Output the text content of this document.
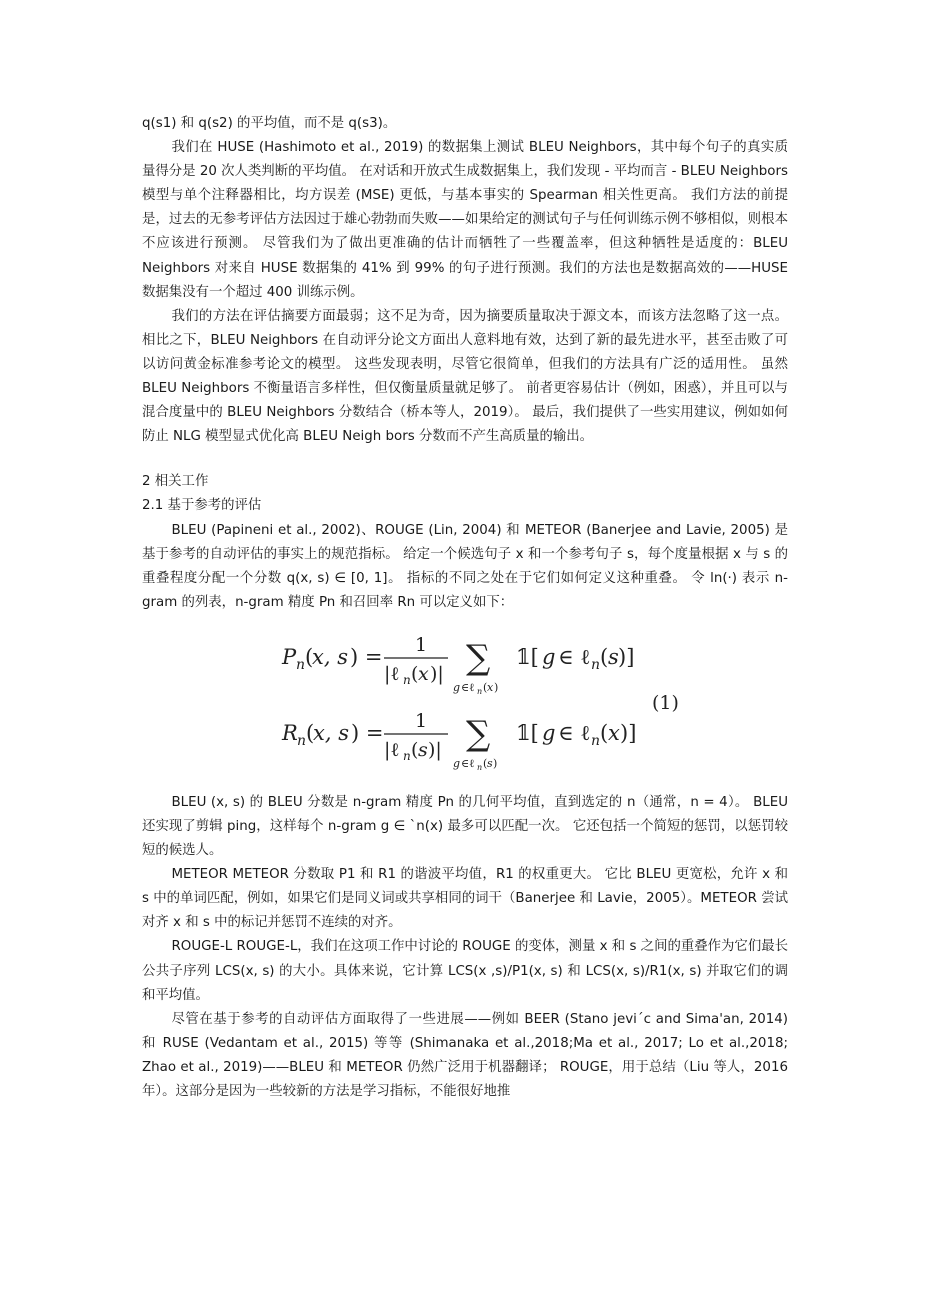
q(s1) 和 q(s2) 的平均值，而不是 q(s3)。

我们在 HUSE (Hashimoto et al., 2019) 的数据集上测试 BLEU Neighbors，其中每个句子的真实质量得分是 20 次人类判断的平均值。 在对话和开放式生成数据集上，我们发现 - 平均而言 - BLEU Neighbors 模型与单个注释器相比，均方误差 (MSE) 更低，与基本事实的 Spearman 相关性更高。 我们方法的前提是，过去的无参考评估方法因过于雄心勃勃而失败——如果给定的测试句子与任何训练示例不够相似，则根本不应该进行预测。 尽管我们为了做出更准确的估计而牺牲了一些覆盖率，但这种牺牲是适度的：BLEU Neighbors 对来自 HUSE 数据集的 41% 到 99% 的句子进行预测。我们的方法也是数据高效的——HUSE 数据集没有一个超过 400 训练示例。

我们的方法在评估摘要方面最弱；这不足为奇，因为摘要质量取决于源文本，而该方法忽略了这一点。 相比之下，BLEU Neighbors 在自动评分论文方面出人意料地有效，达到了新的最先进水平，甚至击败了可以访问黄金标准参考论文的模型。 这些发现表明，尽管它很简单，但我们的方法具有广泛的适用性。 虽然 BLEU Neighbors 不衡量语言多样性，但仅衡量质量就足够了。 前者更容易估计（例如，困惑），并且可以与混合度量中的 BLEU Neighbors 分数结合（桥本等人，2019）。 最后，我们提供了一些实用建议，例如如何防止 NLG 模型显式优化高 BLEU Neigh bors 分数而不产生高质量的输出。

2 相关工作
2.1 基于参考的评估

BLEU (Papineni et al., 2002)、ROUGE (Lin, 2004) 和 METEOR (Banerjee and Lavie, 2005) 是基于参考的自动评估的事实上的规范指标。 给定一个候选句子 x 和一个参考句子 s，每个度量根据 x 与 s 的重叠程度分配一个分数 q(x, s) ∈ [0, 1]。 指标的不同之处在于它们如何定义这种重叠。 令 ln(·) 表示 n-gram 的列表，n-gram 精度 Pn 和召回率 Rn 可以定义如下：

P n (
x, s ) = 1
|ℓ n ( x )| ∑
g ∈ℓ n ( x )
𝟙[ g ∈ ℓ n ( s )]
(1)
R n (
x, s ) = 1
|ℓ n ( s )| ∑
g ∈ℓ n ( s )
𝟙[ g ∈ ℓ n ( x )]

BLEU (x, s) 的 BLEU 分数是 n-gram 精度 Pn 的几何平均值，直到选定的 n（通常，n = 4）。 BLEU 还实现了剪辑 ping，这样每个 n-gram g ∈ `n(x) 最多可以匹配一次。 它还包括一个简短的惩罚，以惩罚较短的候选人。

METEOR METEOR 分数取 P1 和 R1 的谐波平均值，R1 的权重更大。 它比 BLEU 更宽松，允许 x 和 s 中的单词匹配，例如，如果它们是同义词或共享相同的词干（Banerjee 和 Lavie，2005）。METEOR 尝试对齐 x 和 s 中的标记并惩罚不连续的对齐。

ROUGE-L ROUGE-L，我们在这项工作中讨论的 ROUGE 的变体，测量 x 和 s 之间的重叠作为它们最长公共子序列 LCS(x, s) 的大小。具体来说，它计算 LCS(x ,s)/P1(x, s) 和 LCS(x, s)/R1(x, s) 并取它们的调和平均值。

尽管在基于参考的自动评估方面取得了一些进展——例如 BEER (Stano jevi´c and Sima'an, 2014) 和 RUSE (Vedantam et al., 2015) 等等 (Shimanaka et al.,2018;Ma et al., 2017; Lo et al.,2018; Zhao et al., 2019)——BLEU 和 METEOR 仍然广泛用于机器翻译； ROUGE，用于总结（Liu 等人，2016 年）。这部分是因为一些较新的方法是学习指标，不能很好地推
